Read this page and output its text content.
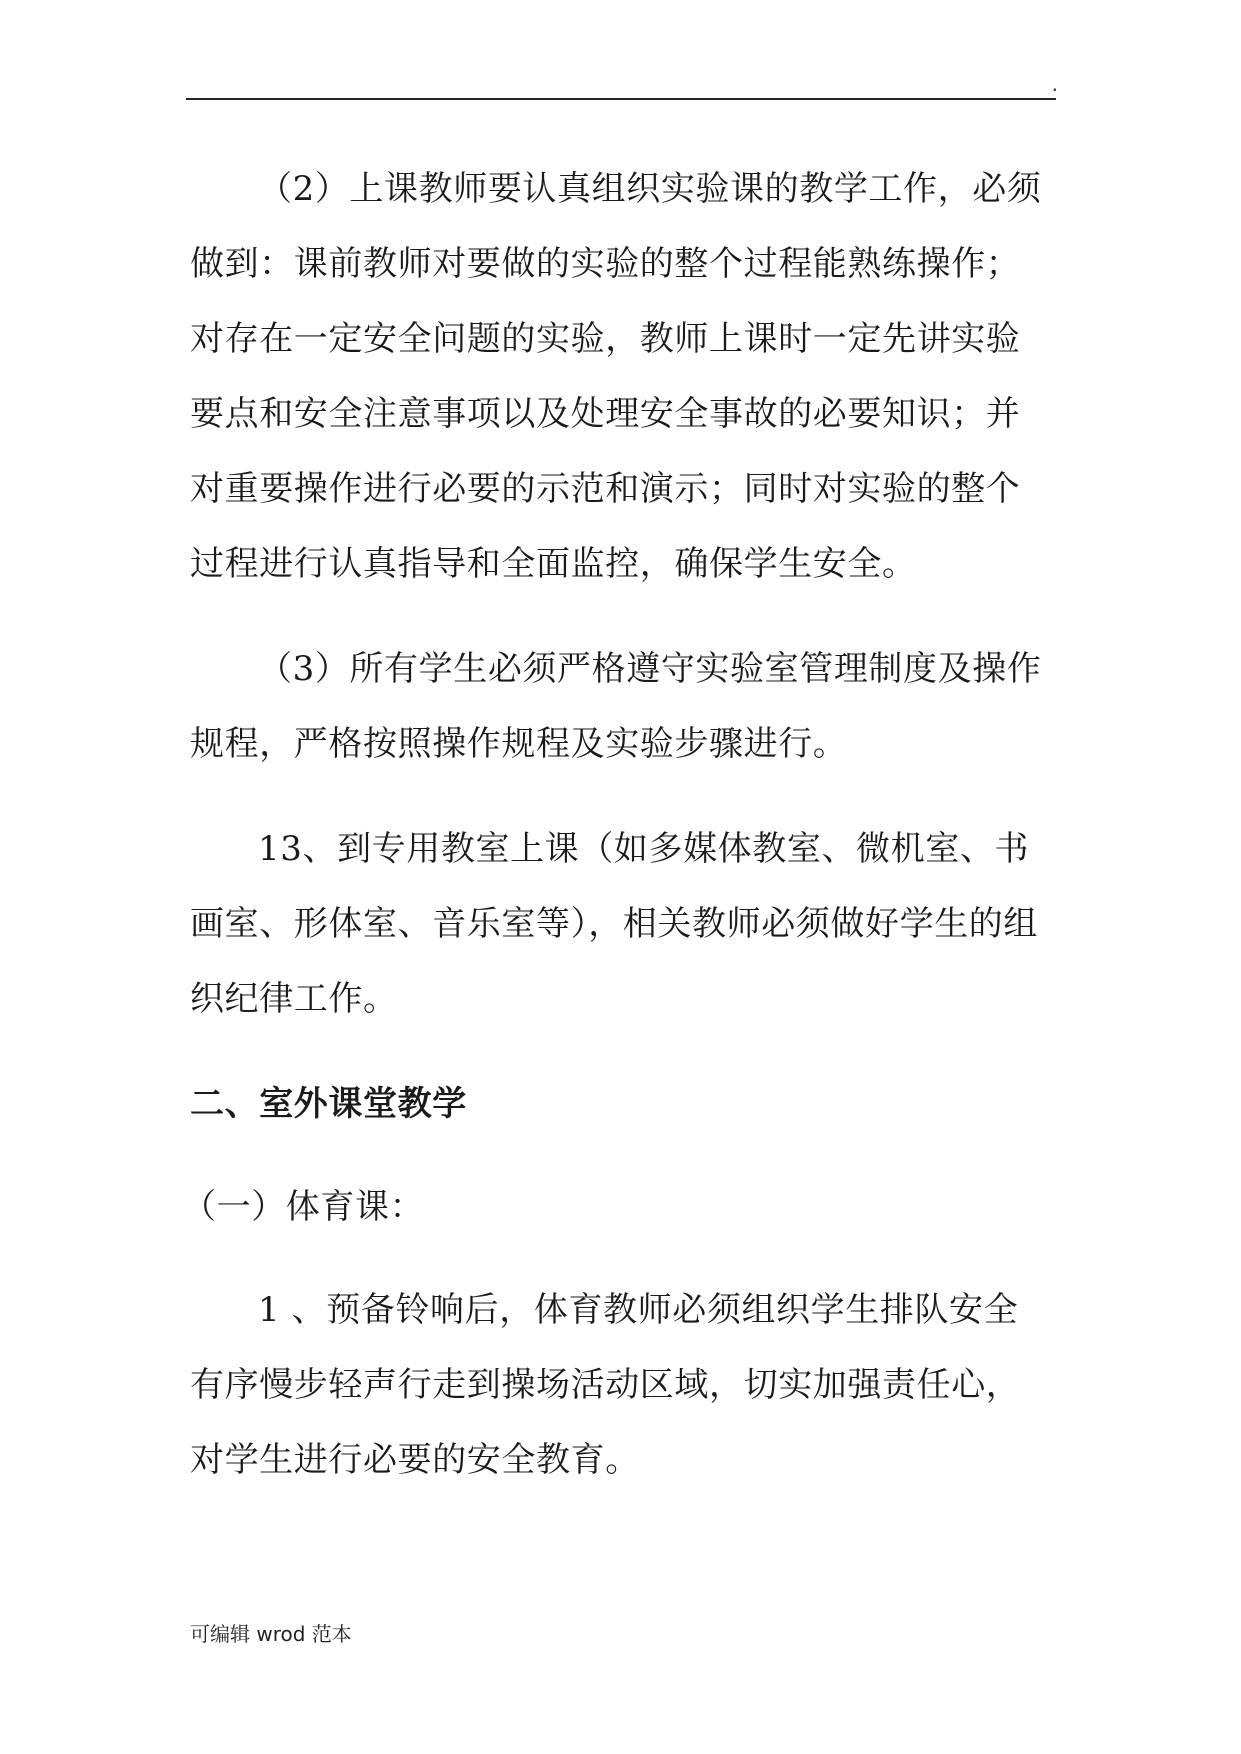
.

（2）上课教师要认真组织实验课的教学工作，必须做到：课前教师对要做的实验的整个过程能熟练操作；对存在一定安全问题的实验，教师上课时一定先讲实验要点和安全注意事项以及处理安全事故的必要知识；并对重要操作进行必要的示范和演示；同时对实验的整个过程进行认真指导和全面监控，确保学生安全。

（3）所有学生必须严格遵守实验室管理制度及操作规程，严格按照操作规程及实验步骤进行。

13、到专用教室上课（如多媒体教室、微机室、书画室、形体室、音乐室等），相关教师必须做好学生的组织纪律工作。

二、室外课堂教学

（一）体育课：

1 、预备铃响后，体育教师必须组织学生排队安全有序慢步轻声行走到操场活动区域，切实加强责任心，对学生进行必要的安全教育。

可编辑 wrod 范本
